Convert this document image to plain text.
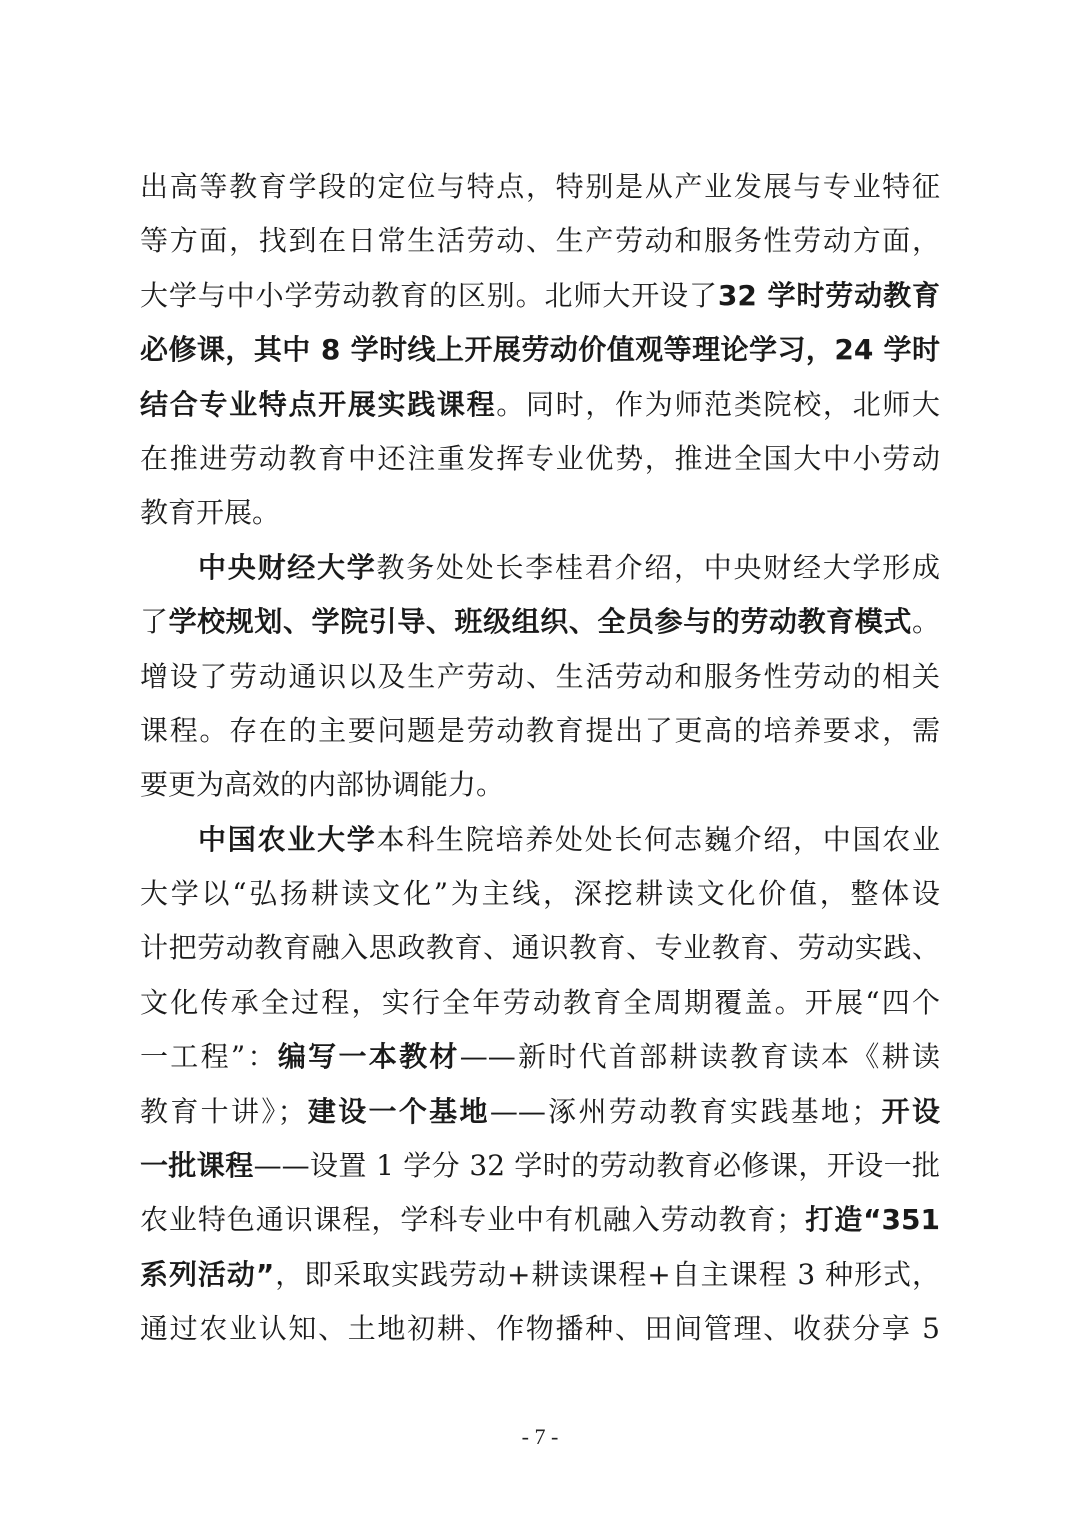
出高等教育学段的定位与特点，特别是从产业发展与专业特征
等方面，找到在日常生活劳动、生产劳动和服务性劳动方面，
大学与中小学劳动教育的区别。北师大开设了32 学时劳动教育
必修课，其中 8 学时线上开展劳动价值观等理论学习，24 学时
结合专业特点开展实践课程。同时，作为师范类院校，北师大
在推进劳动教育中还注重发挥专业优势，推进全国大中小劳动
教育开展。
中央财经大学教务处处长李桂君介绍，中央财经大学形成
了学校规划、学院引导、班级组织、全员参与的劳动教育模式。
增设了劳动通识以及生产劳动、生活劳动和服务性劳动的相关
课程。存在的主要问题是劳动教育提出了更高的培养要求，需
要更为高效的内部协调能力。
中国农业大学本科生院培养处处长何志巍介绍，中国农业
大学以“弘扬耕读文化”为主线，深挖耕读文化价值，整体设
计把劳动教育融入思政教育、通识教育、专业教育、劳动实践、
文化传承全过程，实行全年劳动教育全周期覆盖。开展“四个
一工程”：编写一本教材——新时代首部耕读教育读本《耕读
教育十讲》；建设一个基地——涿州劳动教育实践基地；开设
一批课程——设置 1 学分 32 学时的劳动教育必修课，开设一批
农业特色通识课程，学科专业中有机融入劳动教育；打造“351
系列活动”，即采取实践劳动+耕读课程+自主课程 3 种形式，
通过农业认知、土地初耕、作物播种、田间管理、收获分享 5
- 7 -
